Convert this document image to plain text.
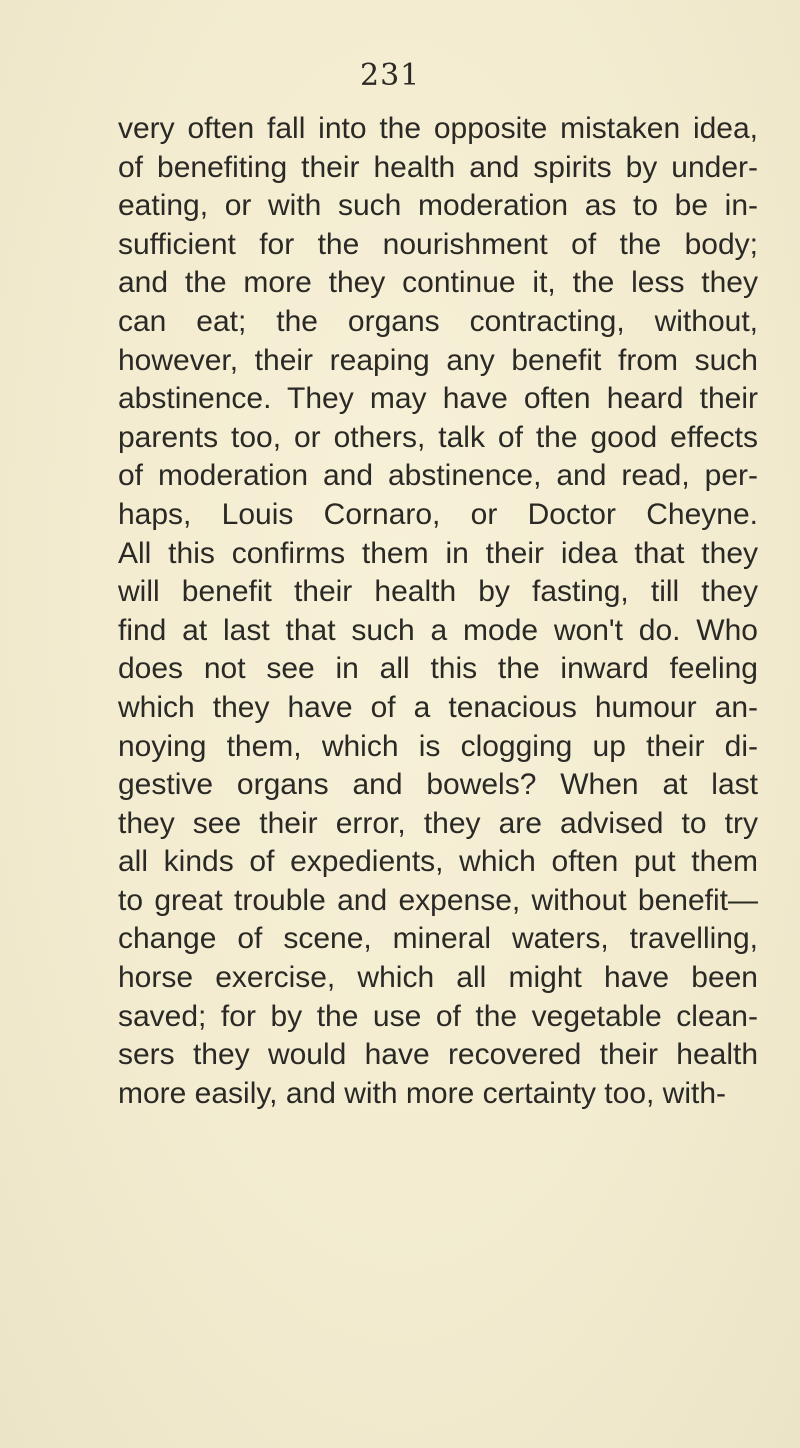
231
very often fall into the opposite mistaken idea,
of benefiting their health and spirits by under-
eating, or with such moderation as to be in-
sufficient for the nourishment of the body;
and the more they continue it, the less they
can eat; the organs contracting, without,
however, their reaping any benefit from such
abstinence. They may have often heard their
parents too, or others, talk of the good effects
of moderation and abstinence, and read, per-
haps, Louis Cornaro, or Doctor Cheyne.
All this confirms them in their idea that they
will benefit their health by fasting, till they
find at last that such a mode won't do. Who
does not see in all this the inward feeling
which they have of a tenacious humour an-
noying them, which is clogging up their di-
gestive organs and bowels? When at last
they see their error, they are advised to try
all kinds of expedients, which often put them
to great trouble and expense, without benefit—
change of scene, mineral waters, travelling,
horse exercise, which all might have been
saved; for by the use of the vegetable clean-
sers they would have recovered their health
more easily, and with more certainty too, with-
